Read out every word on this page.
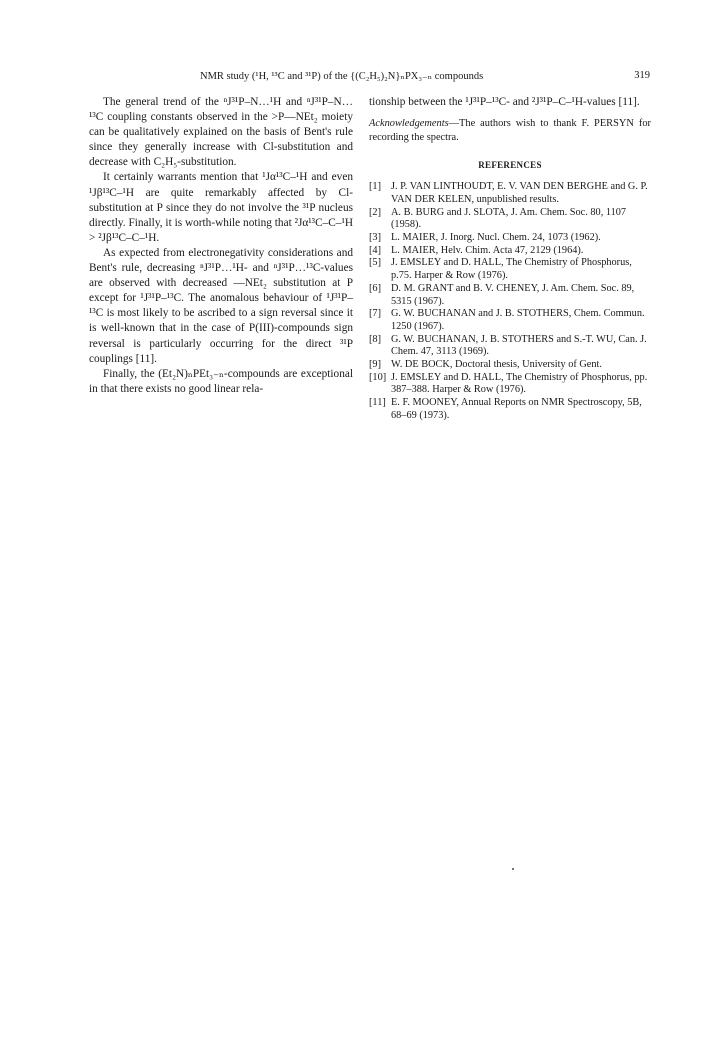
NMR study (¹H, ¹³C and ³¹P) of the {(C₂H₅)₂N}ₙPX₃₋ₙ compounds	319

The general trend of the ⁿJ³¹P–N…¹H and ⁿJ³¹P–N…¹³C coupling constants observed in the >P—NEt₂ moiety can be qualitatively explained on the basis of Bent's rule since they generally increase with Cl-substitution and decrease with C₂H₅-substitution.

It certainly warrants mention that ¹Jα¹³C–¹H and even ¹Jβ¹³C–¹H are quite remarkably affected by Cl-substitution at P since they do not involve the ³¹P nucleus directly. Finally, it is worth-while noting that ²Jα¹³C–C–¹H > ²Jβ¹³C–C–¹H.

As expected from electronegativity considerations and Bent's rule, decreasing ⁿJ³¹P…¹H- and ⁿJ³¹P…¹³C-values are observed with decreased —NEt₂ substitution at P except for ¹J³¹P–¹³C. The anomalous behaviour of ¹J³¹P–¹³C is most likely to be ascribed to a sign reversal since it is well-known that in the case of P(III)-compounds sign reversal is particularly occurring for the direct ³¹P couplings [11].

Finally, the (Et₂N)ₙPEt₃₋ₙ-compounds are exceptional in that there exists no good linear rela-

tionship between the ¹J³¹P–¹³C- and ²J³¹P–C–¹H-values [11].

Acknowledgements—The authors wish to thank F. PERSYN for recording the spectra.

REFERENCES
[1] J. P. VAN LINTHOUDT, E. V. VAN DEN BERGHE and G. P. VAN DER KELEN, unpublished results.
[2] A. B. BURG and J. SLOTA, J. Am. Chem. Soc. 80, 1107 (1958).
[3] L. MAIER, J. Inorg. Nucl. Chem. 24, 1073 (1962).
[4] L. MAIER, Helv. Chim. Acta 47, 2129 (1964).
[5] J. EMSLEY and D. HALL, The Chemistry of Phosphorus, p.75. Harper & Row (1976).
[6] D. M. GRANT and B. V. CHENEY, J. Am. Chem. Soc. 89, 5315 (1967).
[7] G. W. BUCHANAN and J. B. STOTHERS, Chem. Commun. 1250 (1967).
[8] G. W. BUCHANAN, J. B. STOTHERS and S.-T. WU, Can. J. Chem. 47, 3113 (1969).
[9] W. DE BOCK, Doctoral thesis, University of Gent.
[10] J. EMSLEY and D. HALL, The Chemistry of Phosphorus, pp. 387–388. Harper & Row (1976).
[11] E. F. MOONEY, Annual Reports on NMR Spectroscopy, 5B, 68–69 (1973).
